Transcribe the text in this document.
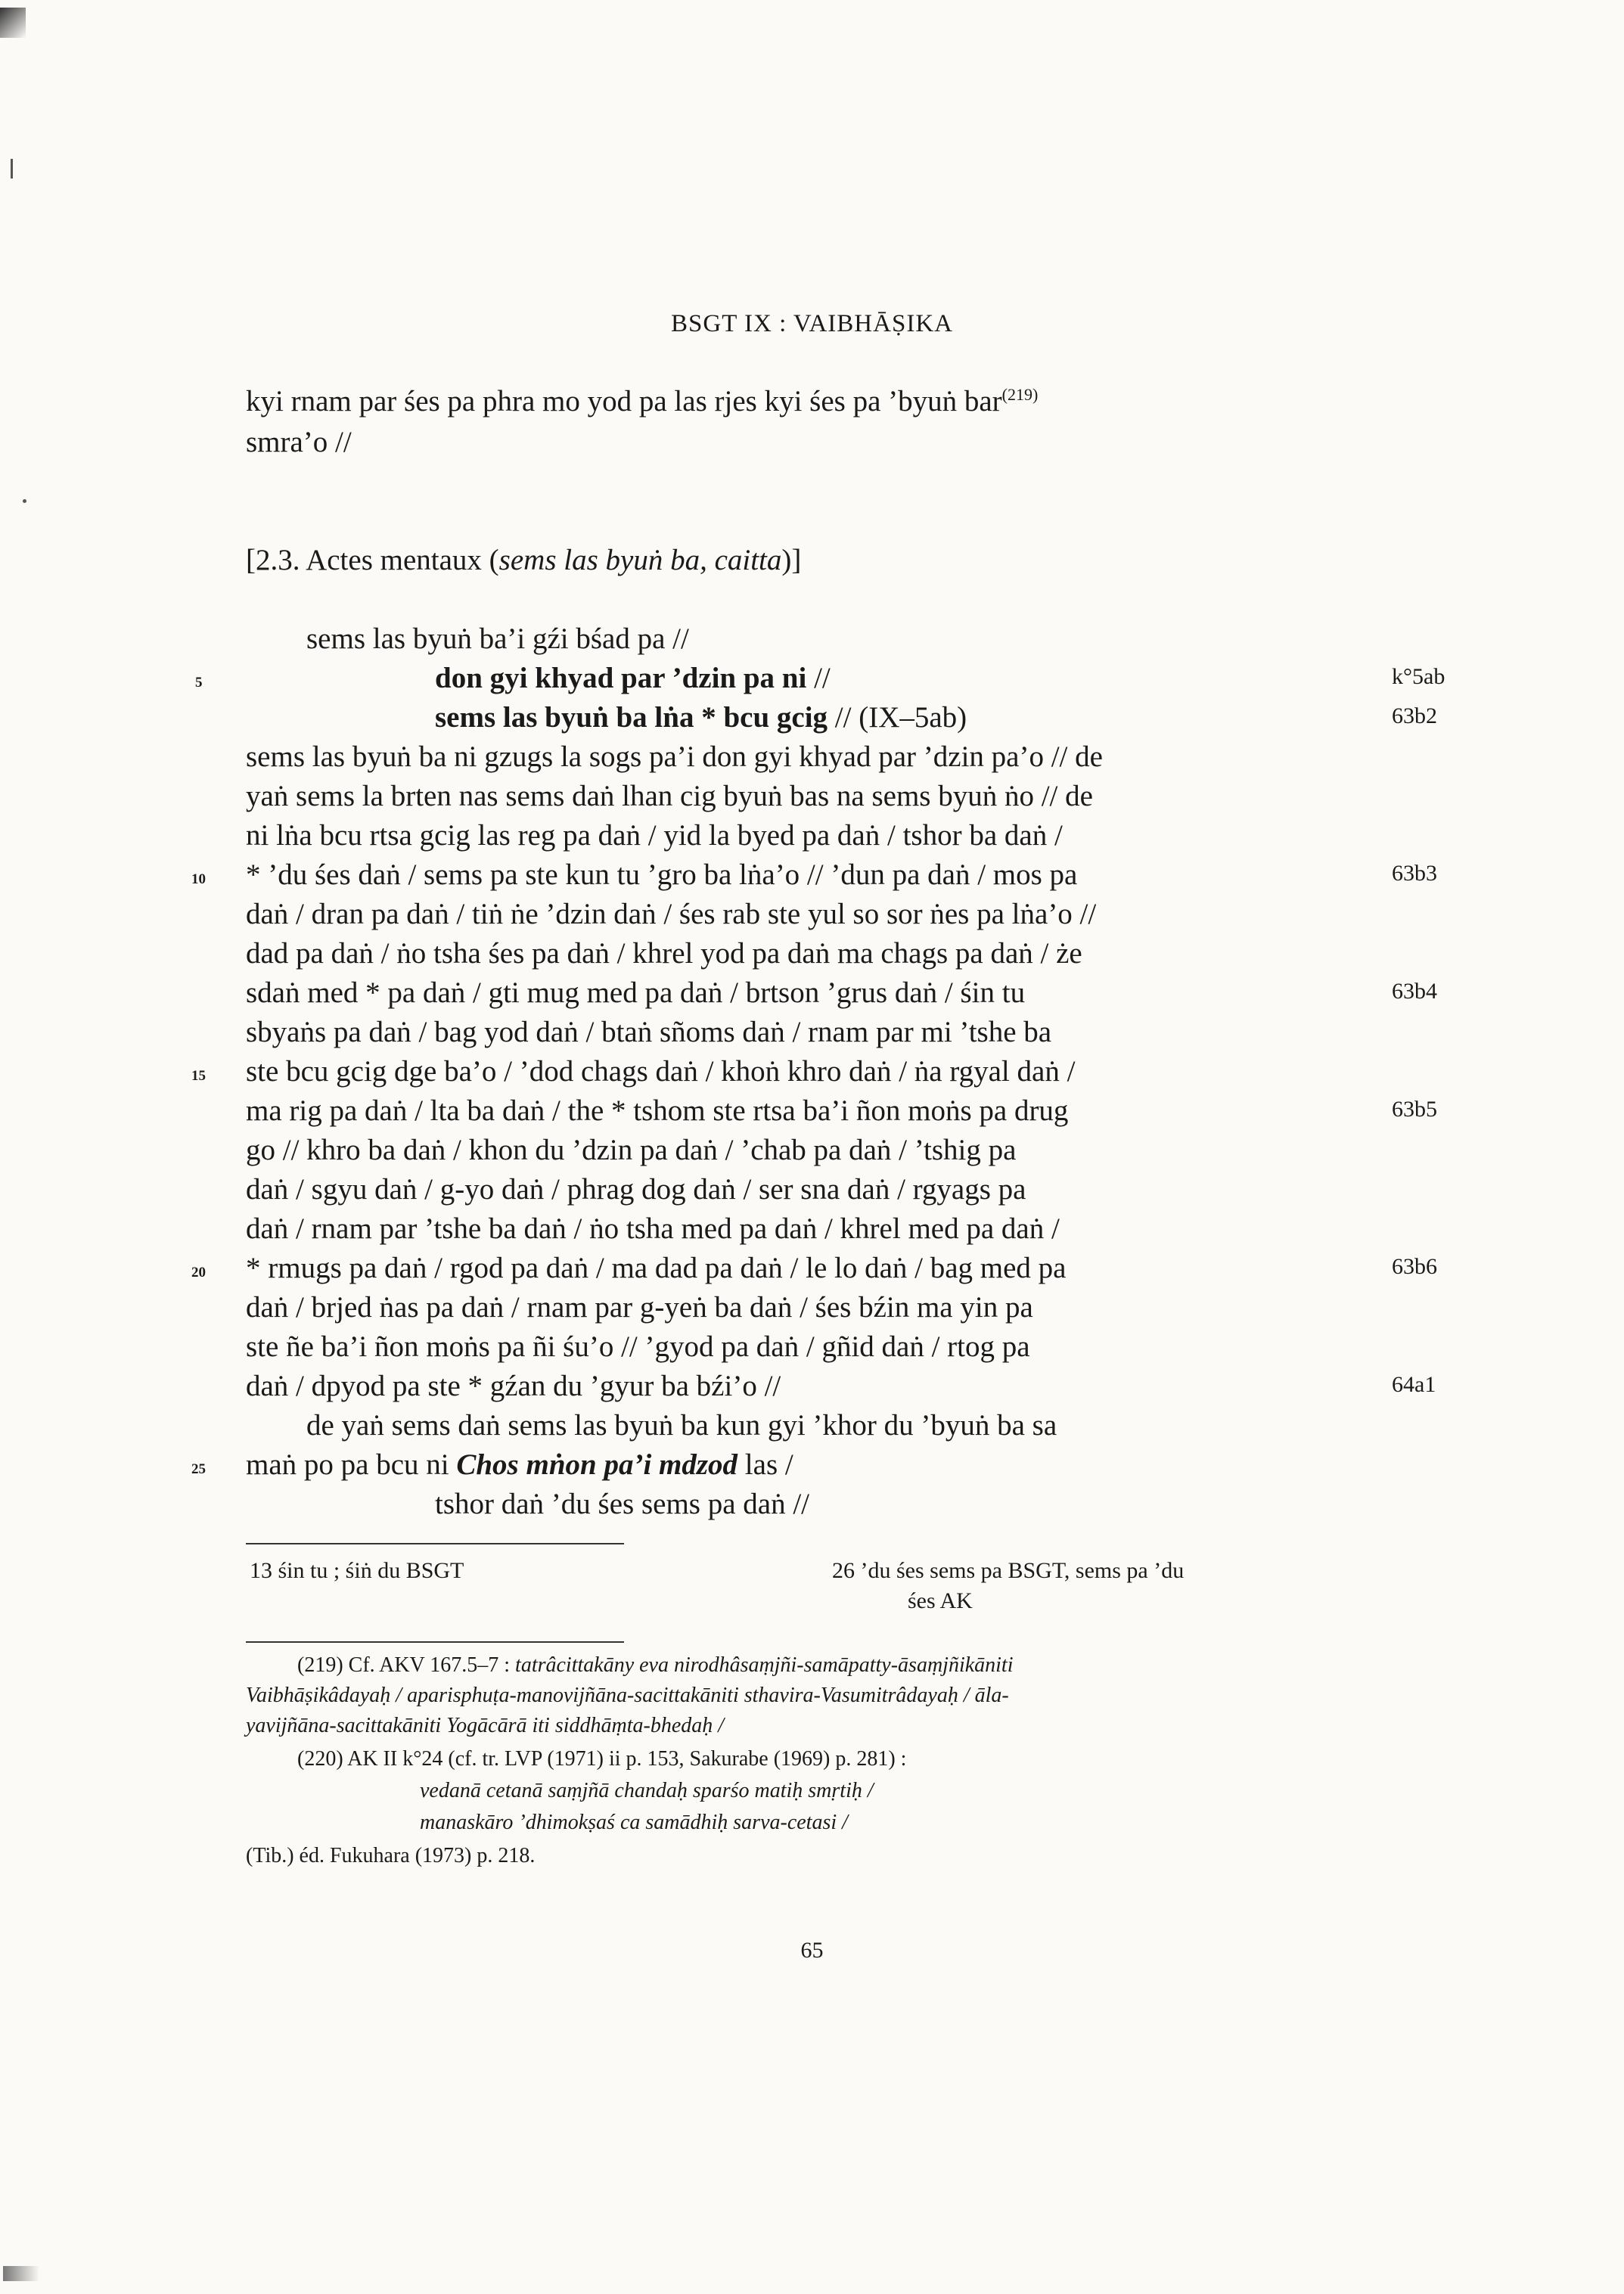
BSGT IX : VAIBHĀṢIKA
kyi rnam par śes pa phra mo yod pa las rjes kyi śes pa ’byuṅ bar$^{(219)}$
smra’o //
[2.3. Actes mentaux (sems las byuṅ ba, caitta)]
sems las byuṅ ba’i gźi bśad pa //
don gyi khyad par ’dzin pa ni //
sems las byuṅ ba lṅa * bcu gcig // (IX–5ab)
sems las byuṅ ba ni gzugs la sogs pa’i don gyi khyad par ’dzin pa’o // de
yaṅ sems la brten nas sems daṅ lhan cig byuṅ bas na sems byuṅ ṅo // de
ni lṅa bcu rtsa gcig las reg pa daṅ / yid la byed pa daṅ / tshor ba daṅ /
* ’du śes daṅ / sems pa ste kun tu ’gro ba lṅa’o // ’dun pa daṅ / mos pa
daṅ / dran pa daṅ / tiṅ ṅe ’dzin daṅ / śes rab ste yul so sor ṅes pa lṅa’o //
dad pa daṅ / ṅo tsha śes pa daṅ / khrel yod pa daṅ ma chags pa daṅ / że
sdaṅ med * pa daṅ / gti mug med pa daṅ / brtson ’grus daṅ / śin tu
sbyaṅs pa daṅ / bag yod daṅ / btaṅ sñoms daṅ / rnam par mi ’tshe ba
ste bcu gcig dge ba’o / ’dod chags daṅ / khoṅ khro daṅ / ṅa rgyal daṅ /
ma rig pa daṅ / lta ba daṅ / the * tshom ste rtsa ba’i ñon moṅs pa drug
go // khro ba daṅ / khon du ’dzin pa daṅ / ’chab pa daṅ / ’tshig pa
daṅ / sgyu daṅ / g-yo daṅ / phrag dog daṅ / ser sna daṅ / rgyags pa
daṅ / rnam par ’tshe ba daṅ / ṅo tsha med pa daṅ / khrel med pa daṅ /
* rmugs pa daṅ / rgod pa daṅ / ma dad pa daṅ / le lo daṅ / bag med pa
daṅ / brjed ṅas pa daṅ / rnam par g-yeṅ ba daṅ / śes bźin ma yin pa
ste ñe ba’i ñon moṅs pa ñi śu’o // ’gyod pa daṅ / gñid daṅ / rtog pa
daṅ / dpyod pa ste * gźan du ’gyur ba bźi’o //
de yaṅ sems daṅ sems las byuṅ ba kun gyi ’khor du ’byuṅ ba sa
maṅ po pa bcu ni Chos mṅon pa’i mdzod las /
tshor daṅ ’du śes sems pa daṅ //
5
10
15
20
25
k°5ab
63b2
63b3
63b4
63b5
63b6
64a1
13 śin tu ; śiṅ du BSGT	26 ’du śes sems pa BSGT, sems pa ’du
śes AK
(219) Cf. AKV 167.5–7 : tatrâcittakāny eva nirodhâsaṃjñi-samāpatty-āsaṃjñikāniti
Vaibhāṣikâdayaḥ / aparisphuṭa-manovijñāna-sacittakāniti sthavira-Vasumitrâdayaḥ / āla-
yavijñāna-sacittakāniti Yogācārā iti siddhāṃta-bhedaḥ /
(220) AK II k°24 (cf. tr. LVP (1971) ii p. 153, Sakurabe (1969) p. 281) :
vedanā cetanā saṃjñā chandaḥ sparśo matiḥ smṛtiḥ /
manaskāro ’dhimokṣaś ca samādhiḥ sarva-cetasi /
(Tib.) éd. Fukuhara (1973) p. 218.
65
